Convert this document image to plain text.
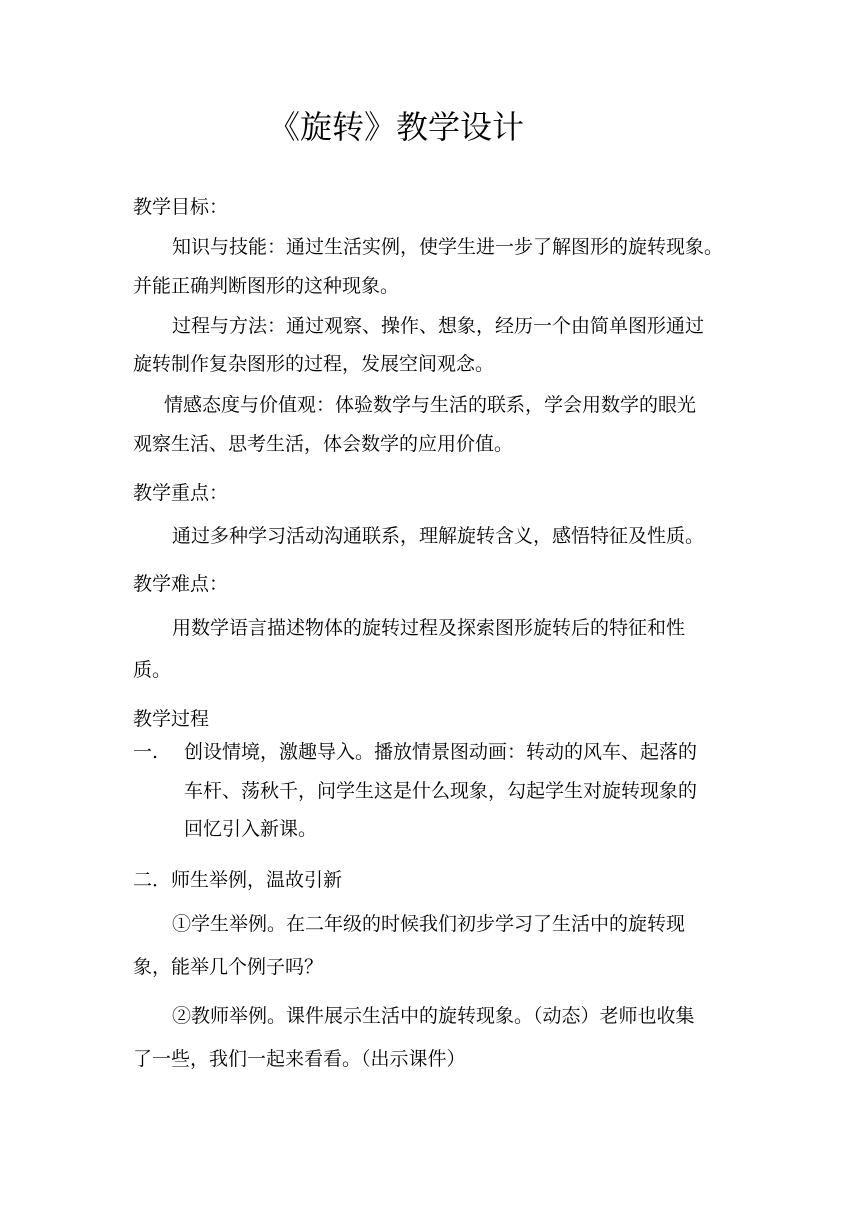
《旋转》教学设计

教学目标：

知识与技能：通过生活实例，使学生进一步了解图形的旋转现象。

并能正确判断图形的这种现象。

过程与方法：通过观察、操作、想象，经历一个由简单图形通过

旋转制作复杂图形的过程，发展空间观念。

情感态度与价值观：体验数学与生活的联系，学会用数学的眼光

观察生活、思考生活，体会数学的应用价值。

教学重点：

通过多种学习活动沟通联系，理解旋转含义，感悟特征及性质。

教学难点：

用数学语言描述物体的旋转过程及探索图形旋转后的特征和性

质。

教学过程

一. 创设情境，激趣导入。播放情景图动画：转动的风车、起落的

车杆、荡秋千，问学生这是什么现象，勾起学生对旋转现象的

回忆引入新课。

二．师生举例，温故引新

①学生举例。在二年级的时候我们初步学习了生活中的旋转现

象，能举几个例子吗？

②教师举例。课件展示生活中的旋转现象。（动态）老师也收集

了一些，我们一起来看看。（出示课件）
